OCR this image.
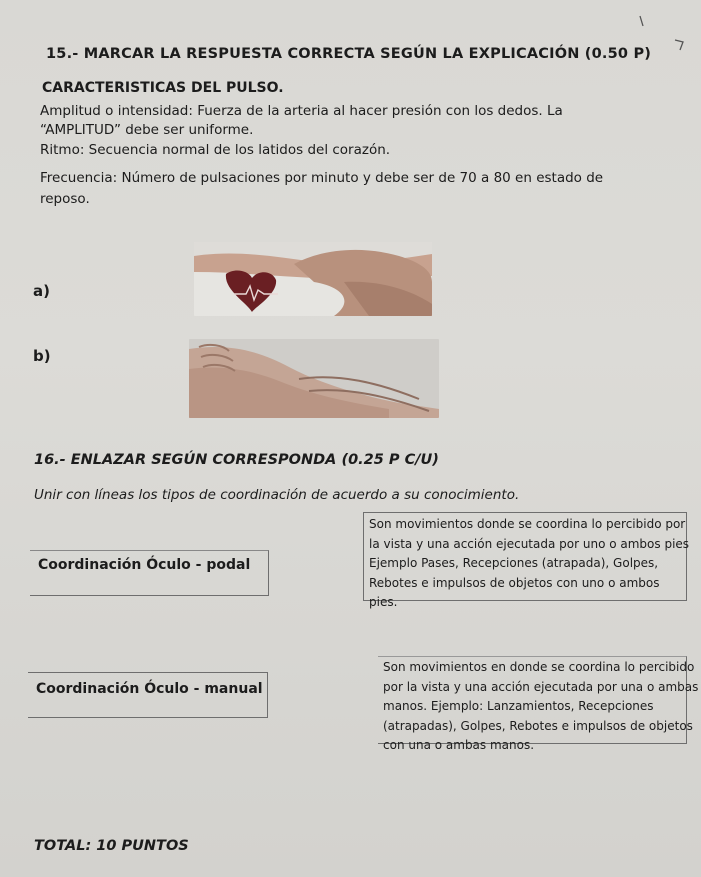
15.- MARCAR LA RESPUESTA CORRECTA SEGÚN LA EXPLICACIÓN (0.50 P)
CARACTERISTICAS DEL PULSO.
Amplitud o intensidad: Fuerza de la arteria al hacer presión con los dedos. La
“AMPLITUD” debe ser uniforme.
Ritmo: Secuencia normal de los latidos del corazón.
Frecuencia: Número de pulsaciones por minuto y debe ser de 70 a 80 en estado de
reposo.
a)
b)
16.- ENLAZAR SEGÚN CORRESPONDA (0.25 P C/U)
Unir con líneas los tipos de coordinación de acuerdo a su conocimiento.
Coordinación Óculo - podal
Son movimientos donde se coordina lo percibido por
la vista y una acción ejecutada por uno o ambos pies
Ejemplo Pases, Recepciones (atrapada), Golpes,
Rebotes e impulsos de objetos con uno o ambos
pies.
Coordinación Óculo - manual
Son movimientos en donde se coordina lo percibido
por la vista y una acción ejecutada por una o ambas
manos. Ejemplo: Lanzamientos, Recepciones
(atrapadas), Golpes, Rebotes e impulsos de objetos
con una o ambas manos.
TOTAL: 10 PUNTOS
